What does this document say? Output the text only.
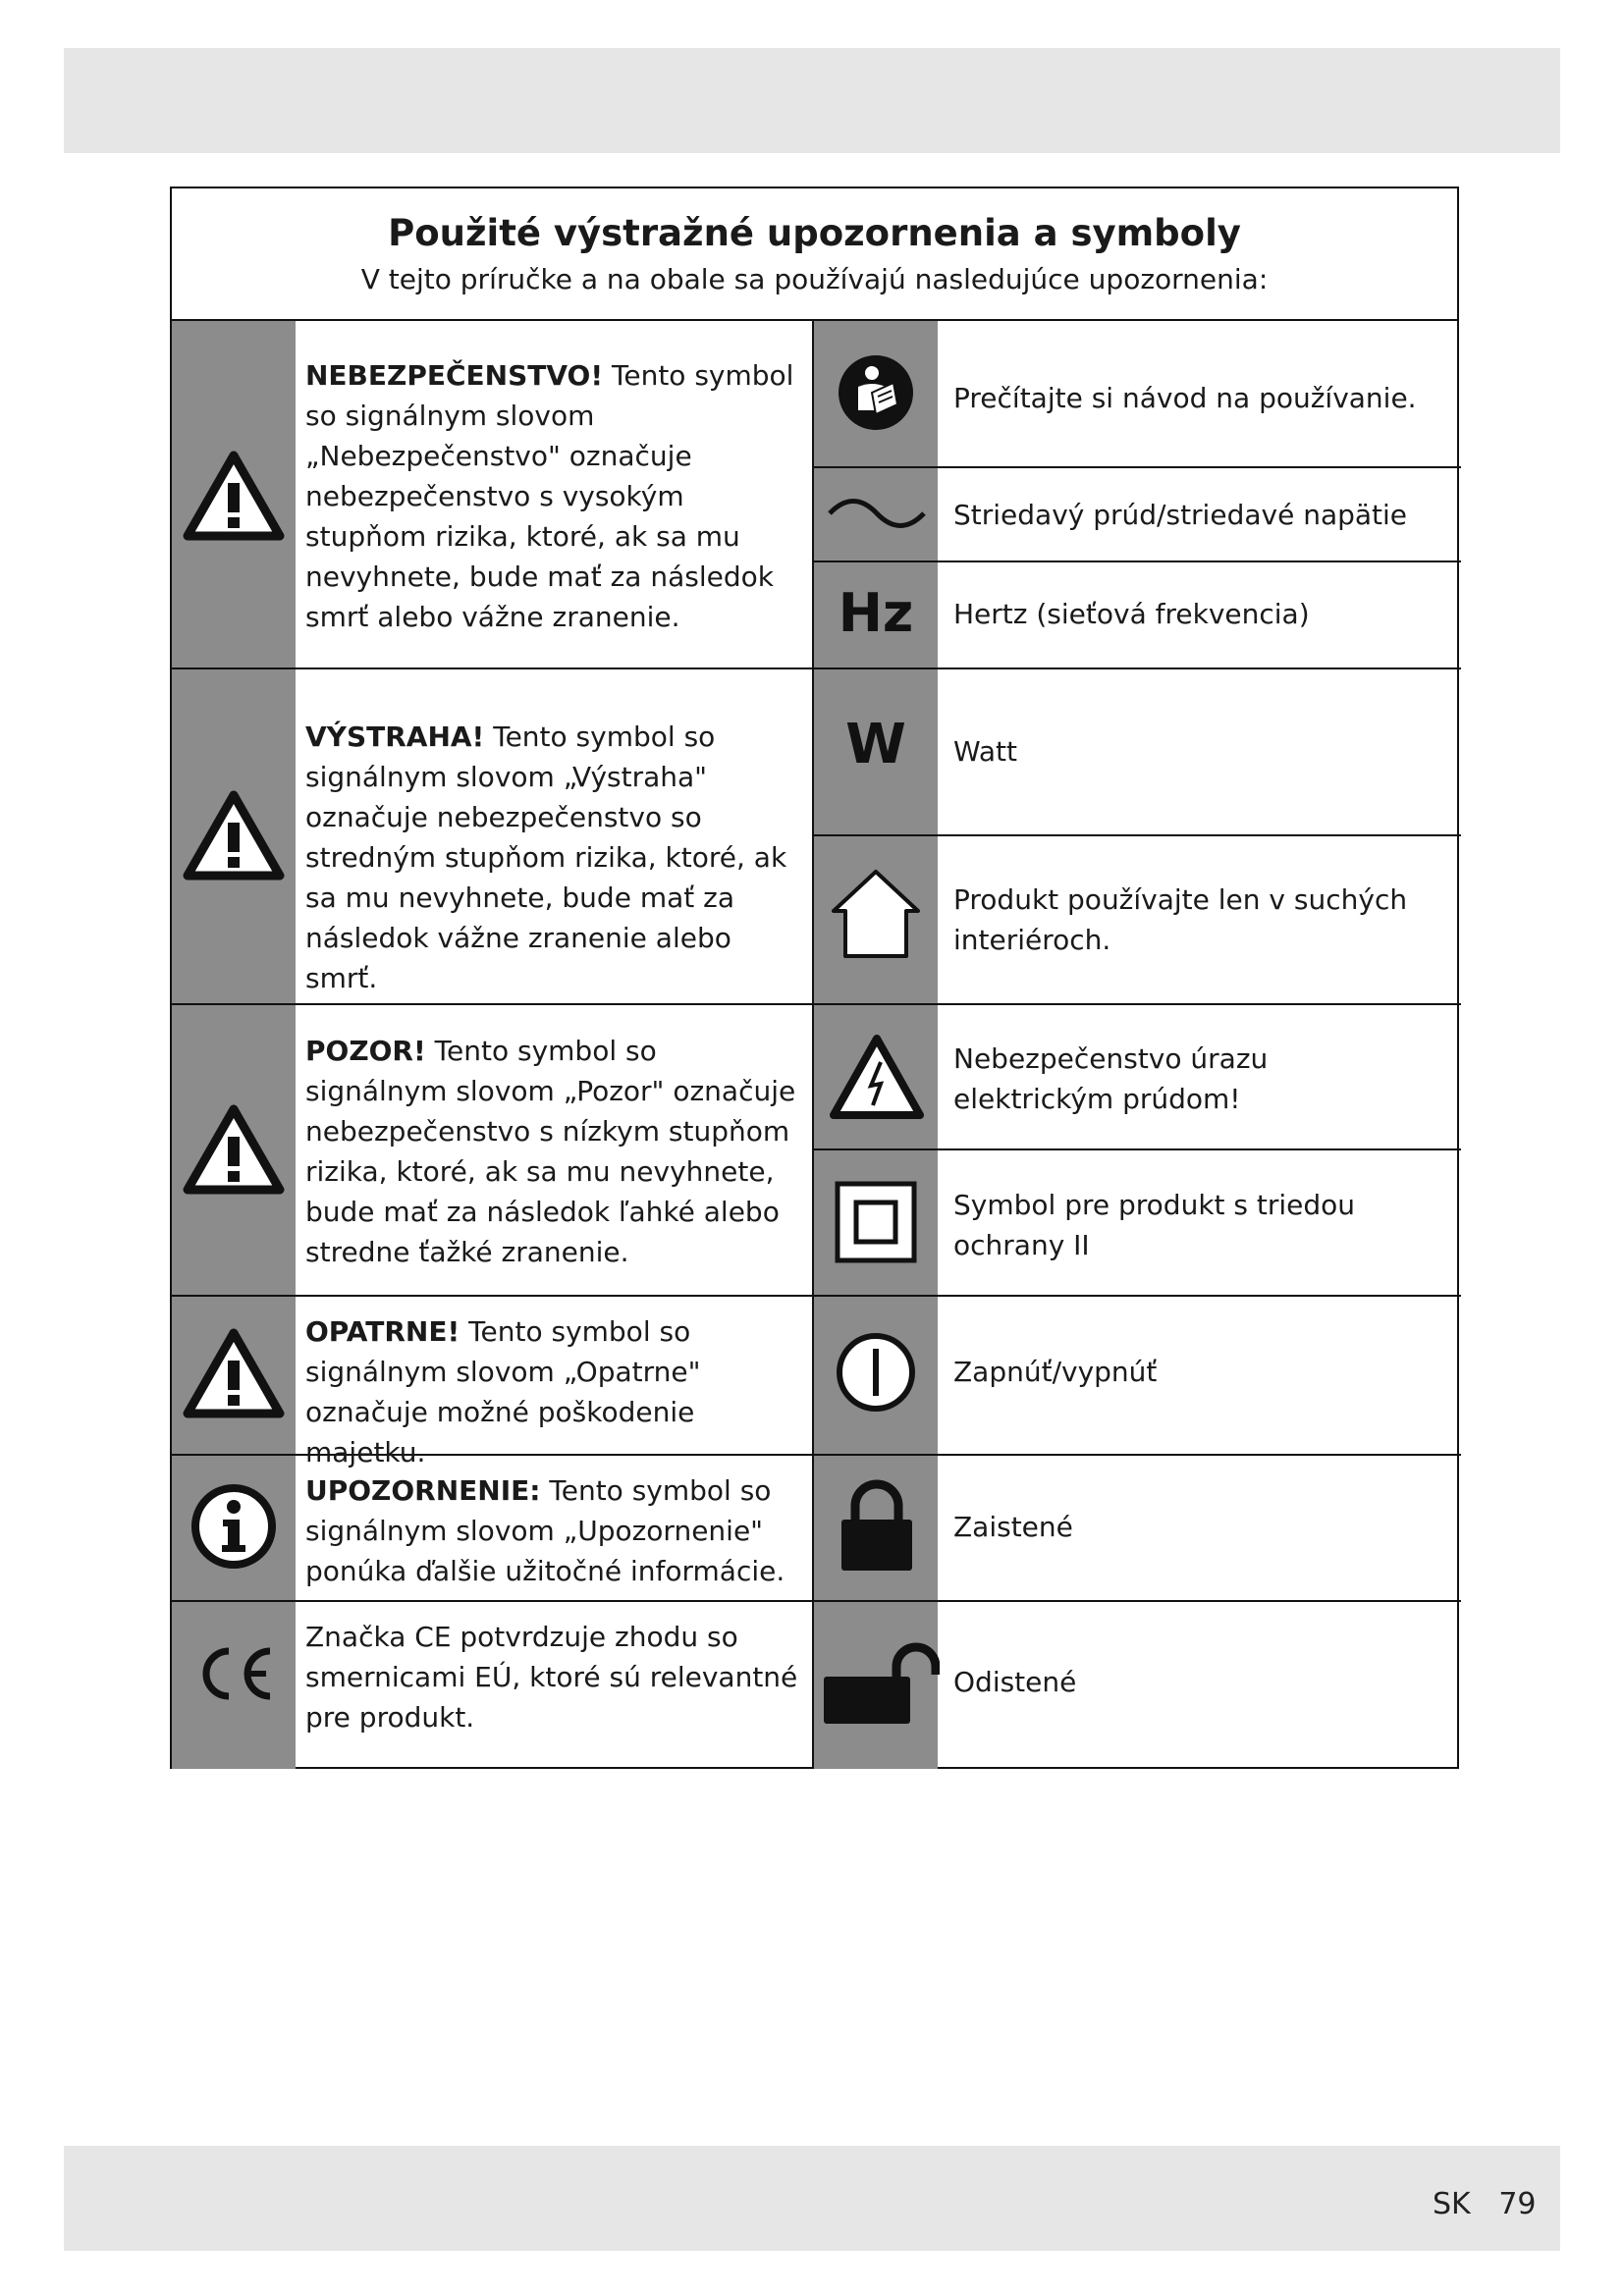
Použité výstražné upozornenia a symboly
V tejto príručke a na obale sa používajú nasledujúce upozornenia:
NEBEZPEČENSTVO! Tento symbol so signálnym slovom „Nebezpečenstvo" označuje nebezpečenstvo s vysokým stupňom rizika, ktoré, ak sa mu nevyhnete, bude mať za následok smrť alebo vážne zranenie.
VÝSTRAHA! Tento symbol so signálnym slovom „Výstraha" označuje nebezpečenstvo so stredným stupňom rizika, ktoré, ak sa mu nevyhnete, bude mať za následok vážne zranenie alebo smrť.
POZOR! Tento symbol so signálnym slovom „Pozor" označuje nebezpečenstvo s nízkym stupňom rizika, ktoré, ak sa mu nevyhnete, bude mať za následok ľahké alebo stredne ťažké zranenie.
OPATRNE! Tento symbol so signálnym slovom „Opatrne" označuje možné poškodenie majetku.
UPOZORNENIE: Tento symbol so signálnym slovom „Upozornenie" ponúka ďalšie užitočné informácie.
Značka CE potvrdzuje zhodu so smernicami EÚ, ktoré sú relevantné pre produkt.
Hz
W
Prečítajte si návod na používanie.
Striedavý prúd/striedavé napätie
Hertz (sieťová frekvencia)
Watt
Produkt používajte len v suchých interiéroch.
Nebezpečenstvo úrazu elektrickým prúdom!
Symbol pre produkt s triedou ochrany II
Zapnúť/vypnúť
Zaistené
Odistené
SK 79
